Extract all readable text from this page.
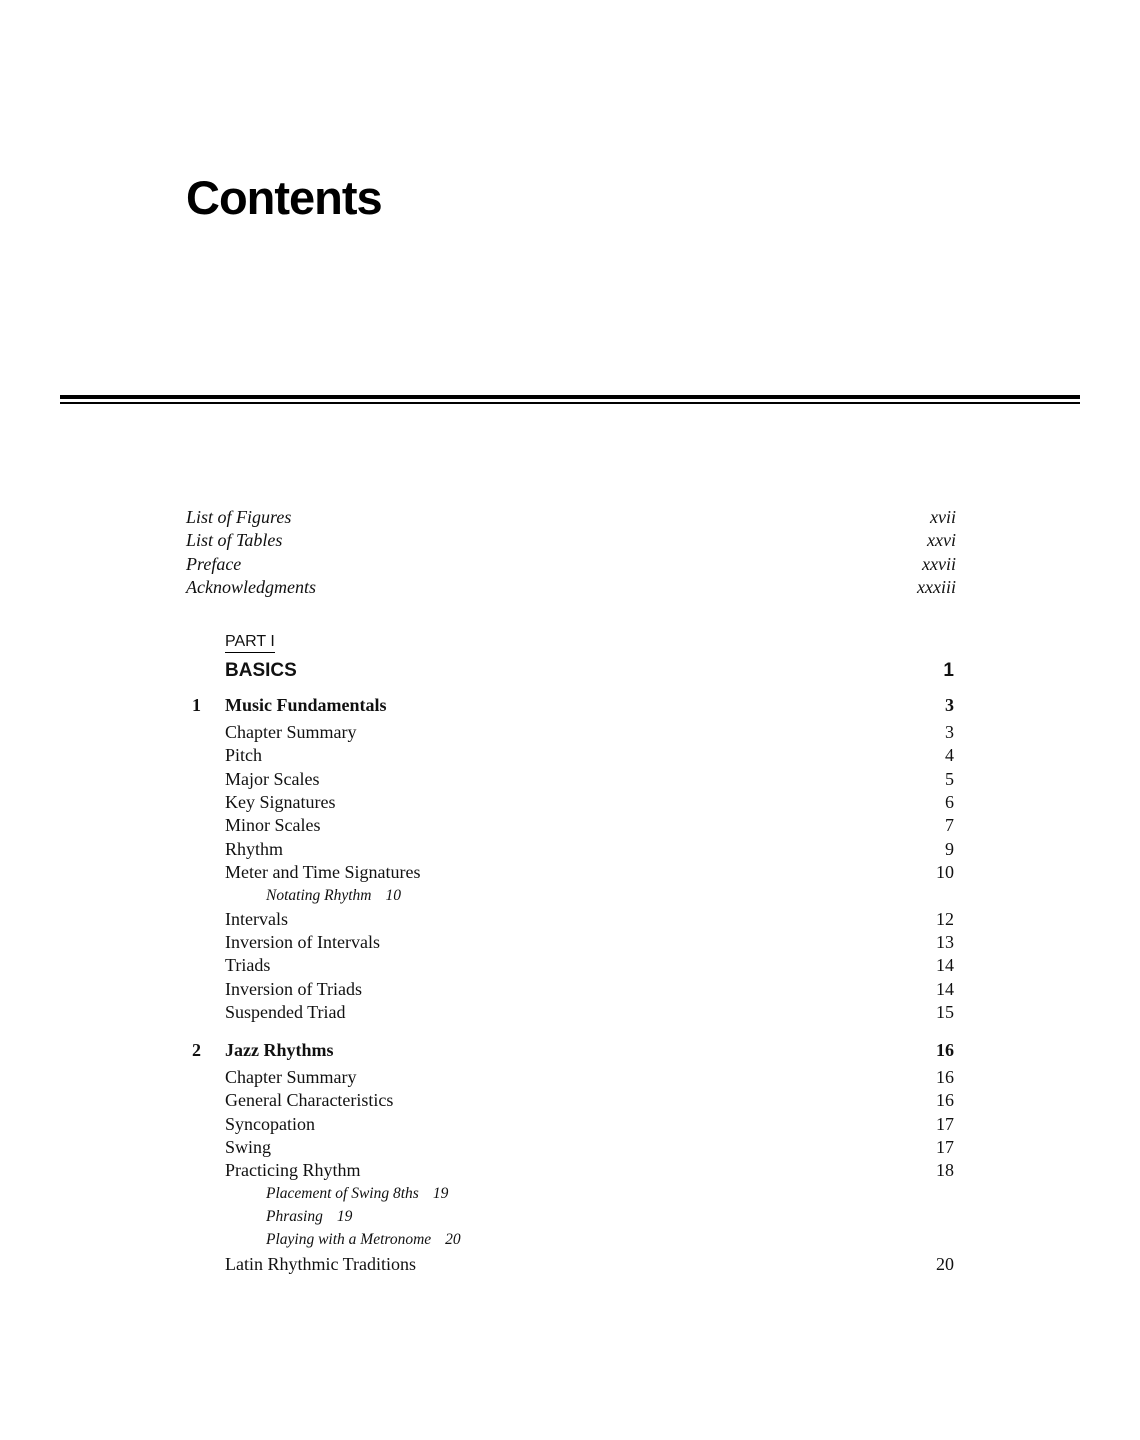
Contents
List of Figures	xvii
List of Tables	xxvi
Preface	xxvii
Acknowledgments	xxxiii
PART I
BASICS	1
1 Music Fundamentals	3
Chapter Summary	3
Pitch	4
Major Scales	5
Key Signatures	6
Minor Scales	7
Rhythm	9
Meter and Time Signatures	10
Notating Rhythm 10
Intervals	12
Inversion of Intervals	13
Triads	14
Inversion of Triads	14
Suspended Triad	15
2 Jazz Rhythms	16
Chapter Summary	16
General Characteristics	16
Syncopation	17
Swing	17
Practicing Rhythm	18
Placement of Swing 8ths 19
Phrasing 19
Playing with a Metronome 20
Latin Rhythmic Traditions	20
